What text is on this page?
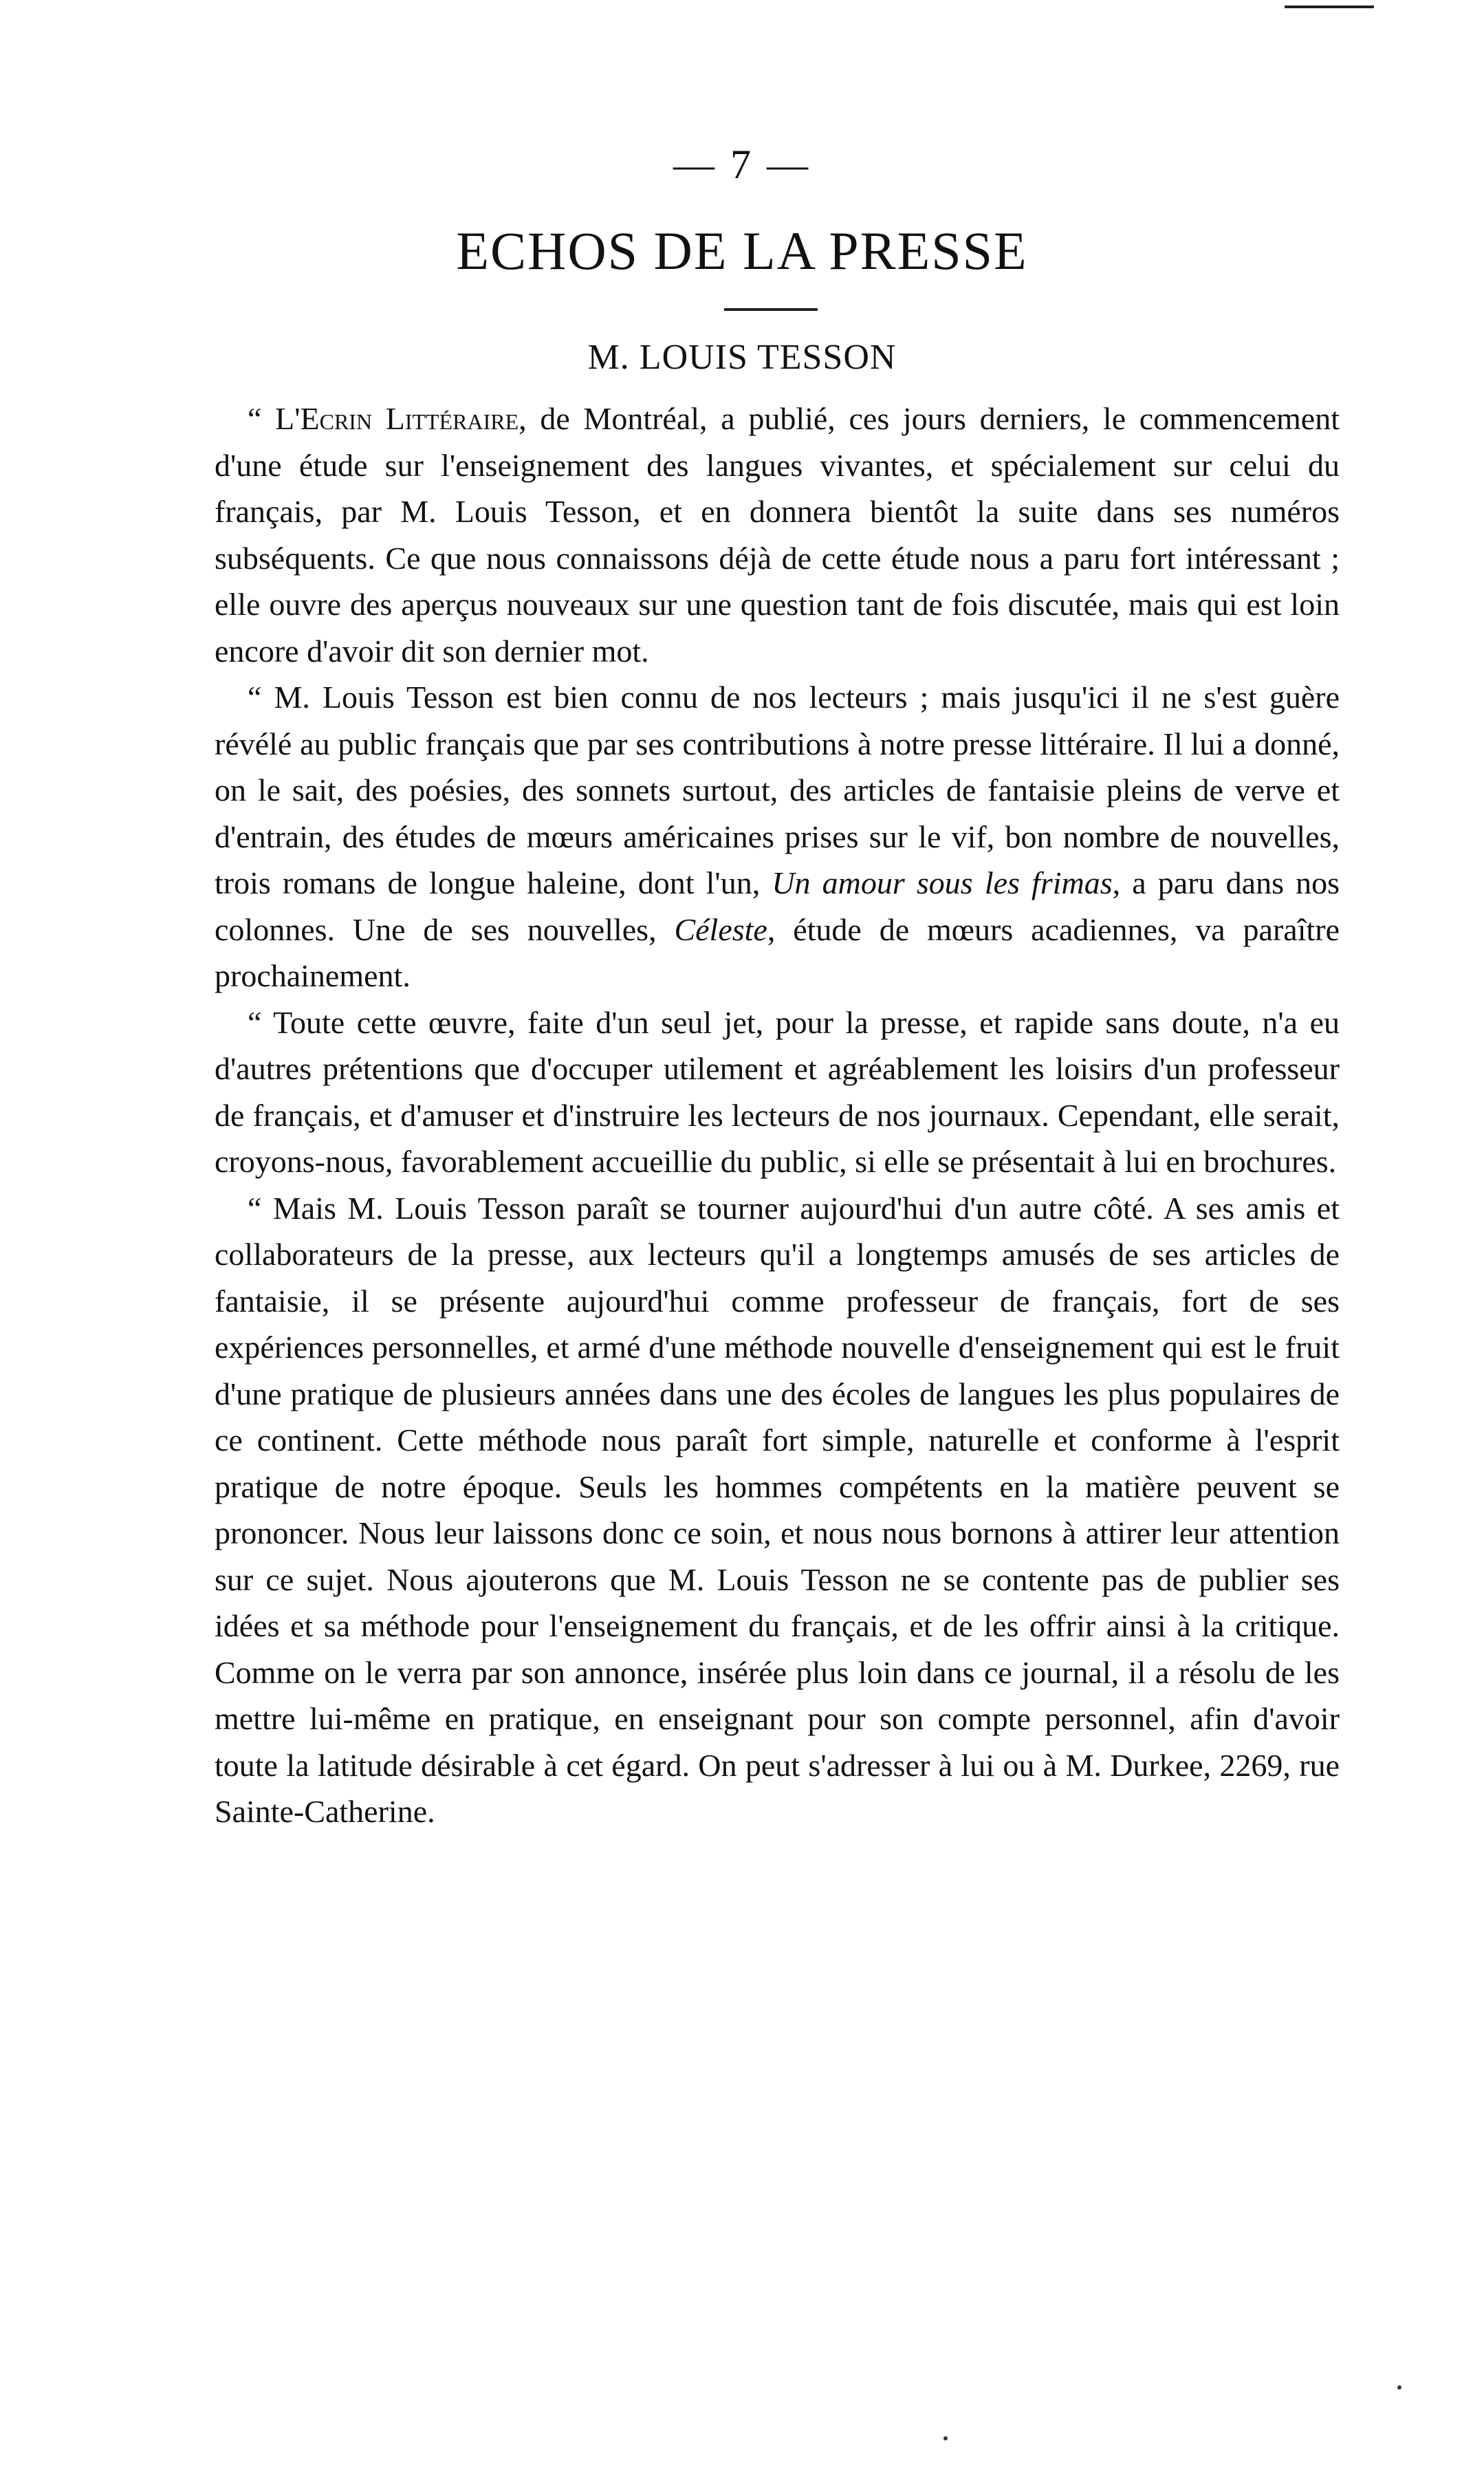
— 7 —
ECHOS DE LA PRESSE
M. LOUIS TESSON

“ L'Ecrin Littéraire, de Montréal, a publié, ces jours derniers, le commencement d'une étude sur l'enseignement des langues vivantes, et spécialement sur celui du français, par M. Louis Tesson, et en donnera bientôt la suite dans ses numéros subséquents. Ce que nous connaissons déjà de cette étude nous a paru fort intéressant ; elle ouvre des aperçus nouveaux sur une question tant de fois discutée, mais qui est loin encore d'avoir dit son dernier mot.

“ M. Louis Tesson est bien connu de nos lecteurs ; mais jusqu'ici il ne s'est guère révélé au public français que par ses contributions à notre presse littéraire. Il lui a donné, on le sait, des poésies, des sonnets surtout, des articles de fantaisie pleins de verve et d'entrain, des études de mœurs américaines prises sur le vif, bon nombre de nouvelles, trois romans de longue haleine, dont l'un, Un amour sous les frimas, a paru dans nos colonnes. Une de ses nouvelles, Céleste, étude de mœurs acadiennes, va paraître prochainement.

“ Toute cette œuvre, faite d'un seul jet, pour la presse, et rapide sans doute, n'a eu d'autres prétentions que d'occuper utilement et agréablement les loisirs d'un professeur de français, et d'amuser et d'instruire les lecteurs de nos journaux. Cependant, elle serait, croyons-nous, favorablement accueillie du public, si elle se présentait à lui en brochures.

“ Mais M. Louis Tesson paraît se tourner aujourd'hui d'un autre côté. A ses amis et collaborateurs de la presse, aux lecteurs qu'il a longtemps amusés de ses articles de fantaisie, il se présente aujourd'hui comme professeur de français, fort de ses expériences personnelles, et armé d'une méthode nouvelle d'enseignement qui est le fruit d'une pratique de plusieurs années dans une des écoles de langues les plus populaires de ce continent. Cette méthode nous paraît fort simple, naturelle et conforme à l'esprit pratique de notre époque. Seuls les hommes compétents en la matière peuvent se prononcer. Nous leur laissons donc ce soin, et nous nous bornons à attirer leur attention sur ce sujet. Nous ajouterons que M. Louis Tesson ne se contente pas de publier ses idées et sa méthode pour l'enseignement du français, et de les offrir ainsi à la critique. Comme on le verra par son annonce, insérée plus loin dans ce journal, il a résolu de les mettre lui-même en pratique, en enseignant pour son compte personnel, afin d'avoir toute la latitude désirable à cet égard. On peut s'adresser à lui ou à M. Durkee, 2269, rue Sainte-Catherine.
